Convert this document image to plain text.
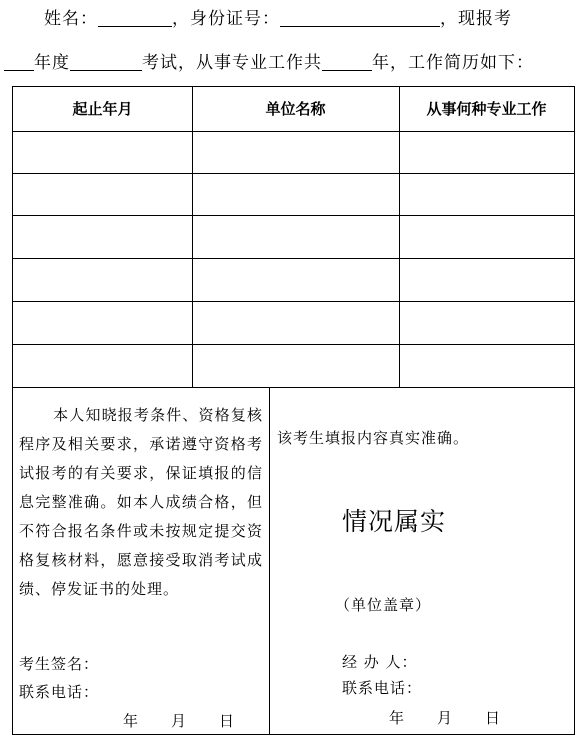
姓名：	，身份证号：	，现报考
年度	考试，从事专业工作共	年，工作简历如下：
起止年月	单位名称	从事何种专业工作
本人知晓报考条件、资格复核程序及相关要求，承诺遵守资格考试报考的有关要求，保证填报的信息完整准确。如本人成绩合格，但不符合报名条件或未按规定提交资格复核材料，愿意接受取消考试成绩、停发证书的处理。
考生签名：
联系电话：
年　　月　　日
该考生填报内容真实准确。
情况属实
（单位盖章）
经 办 人：
联系电话：
年　　月　　日
